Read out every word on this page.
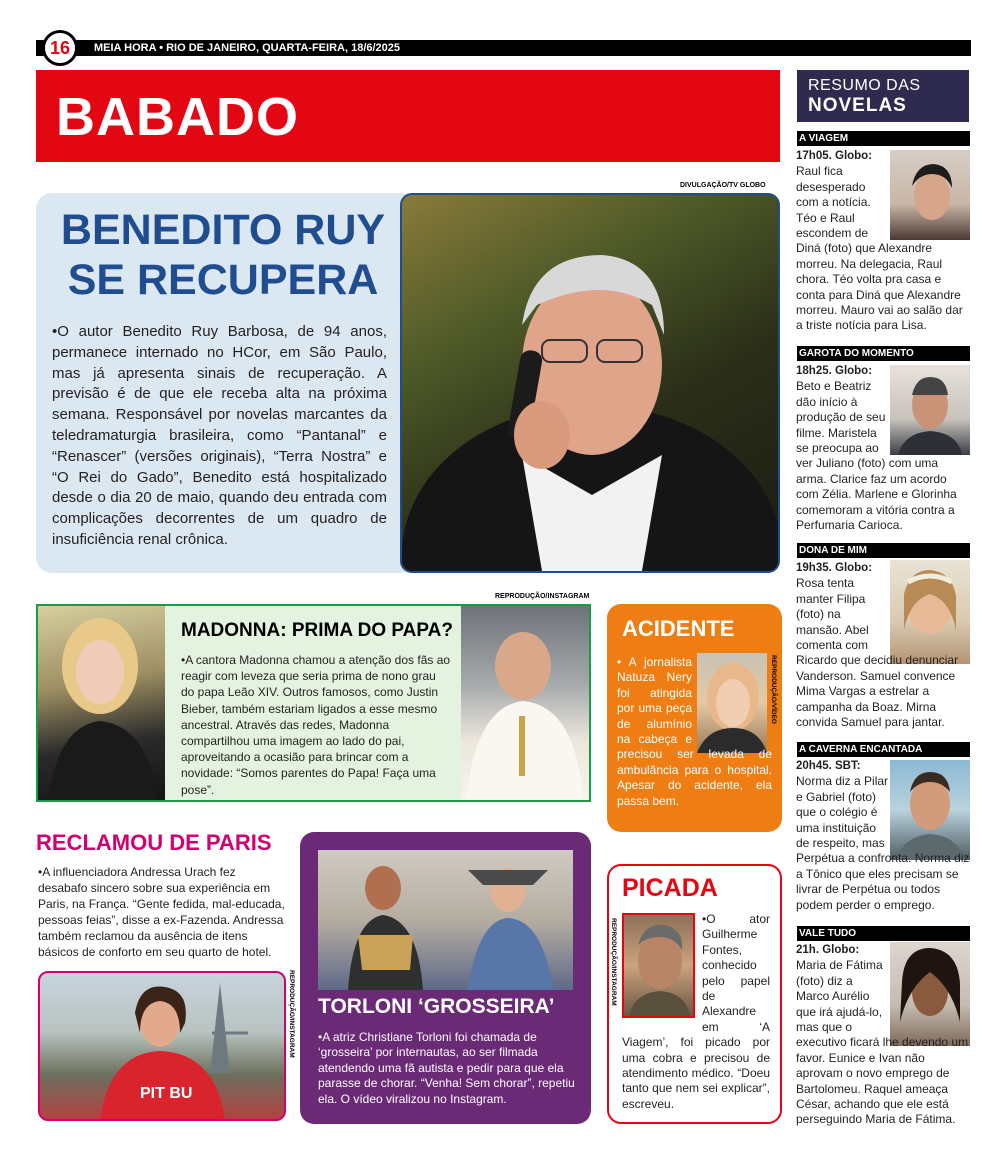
MEIA HORA • RIO DE JANEIRO, QUARTA-FEIRA, 18/6/2025
16
BABADO
DIVULGAÇÃO/TV GLOBO
BENEDITO RUY
SE RECUPERA
•O autor Benedito Ruy Barbosa, de 94 anos, permanece internado no HCor, em São Paulo, mas já apresenta sinais de recuperação. A previsão é de que ele receba alta na próxima semana. Responsável por novelas marcantes da teledramaturgia brasileira, como “Pantanal” e “Renascer” (versões originais), “Terra Nostra” e “O Rei do Gado”, Benedito está hospitalizado desde o dia 20 de maio, quando deu entrada com complicações decorrentes de um quadro de insuficiência renal crônica.
REPRODUÇÃO/INSTAGRAM
MADONNA: PRIMA DO PAPA?
•A cantora Madonna chamou a atenção dos fãs ao reagir com leveza que seria prima de nono grau do papa Leão XIV. Outros famosos, como Justin Bieber, também estariam ligados a esse mesmo ancestral. Através das redes, Madonna compartilhou uma imagem ao lado do pai, aproveitando a ocasião para brincar com a novidade: “Somos parentes do Papa! Faça uma pose”.
ACIDENTE
REPRODUÇÃO/VÍDEO
• A jornalista Natuza Nery foi atingida por uma peça de alumínio na cabeça e precisou ser levada de ambulância para o hospital. Apesar do acidente, ela passa bem.
RECLAMOU DE PARIS
•A influenciadora Andressa Urach fez desabafo sincero sobre sua experiência em Paris, na França. “Gente fedida, mal-educada, pessoas feias”, disse a ex-Fazenda. Andressa também reclamou da ausência de itens básicos de conforto em seu quarto de hotel.
REPRODUÇÃO/INSTAGRAM
PIT BU
TORLONI ‘GROSSEIRA’
•A atriz Christiane Torloni foi chamada de ‘grosseira’ por internautas, ao ser filmada atendendo uma fã autista e pedir para que ela parasse de chorar. “Venha! Sem chorar”, repetiu ela. O vídeo viralizou no Instagram.
PICADA
REPRODUÇÃO/INSTAGRAM	•O ator Guilherme Fontes, conhecido pelo papel de Alexandre em ‘A Viagem’, foi picado por uma cobra e precisou de atendimento médico. “Doeu tanto que nem sei explicar”, escreveu.
RESUMO DAS
NOVELAS
A VIAGEM
17h05. Globo:
Raul fica desesperado com a notícia. Téo e Raul escondem de Diná (foto) que Alexandre morreu. Na delegacia, Raul chora. Téo volta pra casa e conta para Diná que Alexandre morreu. Mauro vai ao salão dar a triste notícia para Lisa.
GAROTA DO MOMENTO
18h25. Globo:
Beto e Beatriz dão início à produção de seu filme. Maristela se preocupa ao ver Juliano (foto) com uma arma. Clarice faz um acordo com Zélia. Marlene e Glorinha comemoram a vitória contra a Perfumaria Carioca.
DONA DE MIM
19h35. Globo:
Rosa tenta manter Filipa (foto) na mansão. Abel comenta com Ricardo que decidiu denunciar Vanderson. Samuel convence Mima Vargas a estrelar a campanha da Boaz. Mirna convida Samuel para jantar.
A CAVERNA ENCANTADA
20h45. SBT:
Norma diz a Pilar e Gabriel (foto) que o colégio é uma instituição de respeito, mas Perpétua a confronta. Norma diz a Tônico que eles precisam se livrar de Perpétua ou todos podem perder o emprego.
VALE TUDO
21h. Globo:
Maria de Fátima (foto) diz a Marco Aurélio que irá ajudá-lo, mas que o executivo ficará lhe devendo um favor. Eunice e Ivan não aprovam o novo emprego de Bartolomeu. Raquel ameaça César, achando que ele está perseguindo Maria de Fátima.
